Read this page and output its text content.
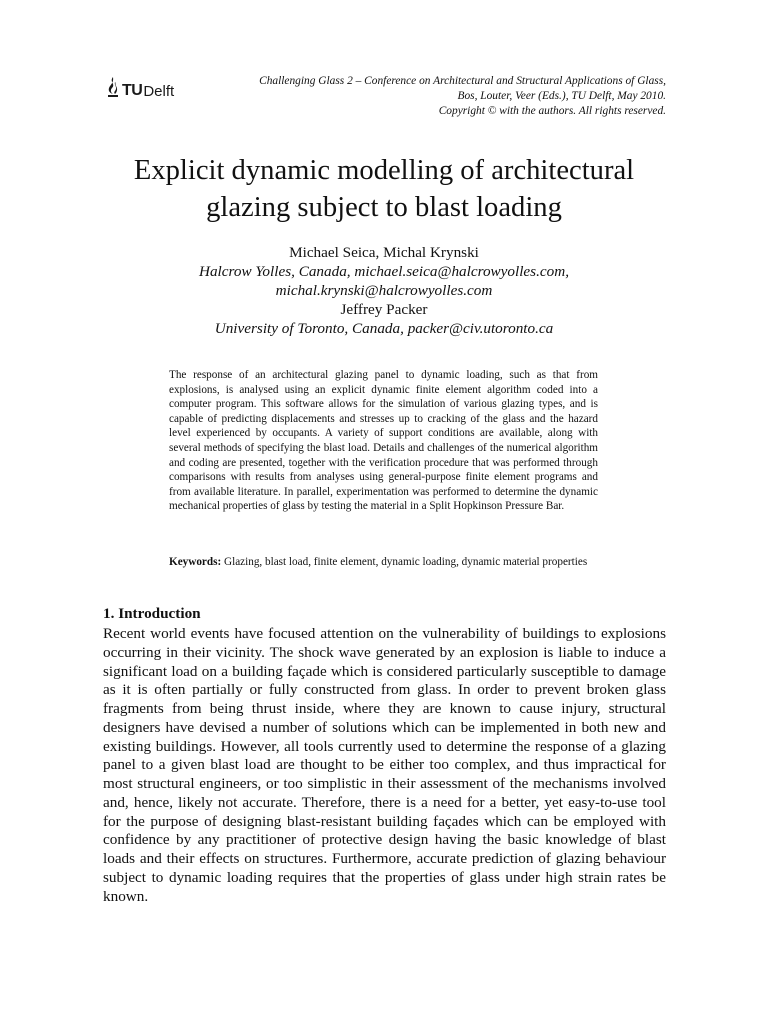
TU Delft
Challenging Glass 2 – Conference on Architectural and Structural Applications of Glass,
Bos, Louter, Veer (Eds.), TU Delft, May 2010.
Copyright © with the authors. All rights reserved.
Explicit dynamic modelling of architectural
glazing subject to blast loading
Michael Seica, Michal Krynski
Halcrow Yolles, Canada, michael.seica@halcrowyolles.com,
michal.krynski@halcrowyolles.com
Jeffrey Packer
University of Toronto, Canada, packer@civ.utoronto.ca

The response of an architectural glazing panel to dynamic loading, such as that from explosions, is analysed using an explicit dynamic finite element algorithm coded into a computer program. This software allows for the simulation of various glazing types, and is capable of predicting displacements and stresses up to cracking of the glass and the hazard level experienced by occupants. A variety of support conditions are available, along with several methods of specifying the blast load. Details and challenges of the numerical algorithm and coding are presented, together with the verification procedure that was performed through comparisons with results from analyses using general-purpose finite element programs and from available literature. In parallel, experimentation was performed to determine the dynamic mechanical properties of glass by testing the material in a Split Hopkinson Pressure Bar.

Keywords: Glazing, blast load, finite element, dynamic loading, dynamic material properties

1. Introduction

Recent world events have focused attention on the vulnerability of buildings to explosions occurring in their vicinity. The shock wave generated by an explosion is liable to induce a significant load on a building façade which is considered particularly susceptible to damage as it is often partially or fully constructed from glass. In order to prevent broken glass fragments from being thrust inside, where they are known to cause injury, structural designers have devised a number of solutions which can be implemented in both new and existing buildings. However, all tools currently used to determine the response of a glazing panel to a given blast load are thought to be either too complex, and thus impractical for most structural engineers, or too simplistic in their assessment of the mechanisms involved and, hence, likely not accurate. Therefore, there is a need for a better, yet easy-to-use tool for the purpose of designing blast-resistant building façades which can be employed with confidence by any practitioner of protective design having the basic knowledge of blast loads and their effects on structures. Furthermore, accurate prediction of glazing behaviour subject to dynamic loading requires that the properties of glass under high strain rates be known.
